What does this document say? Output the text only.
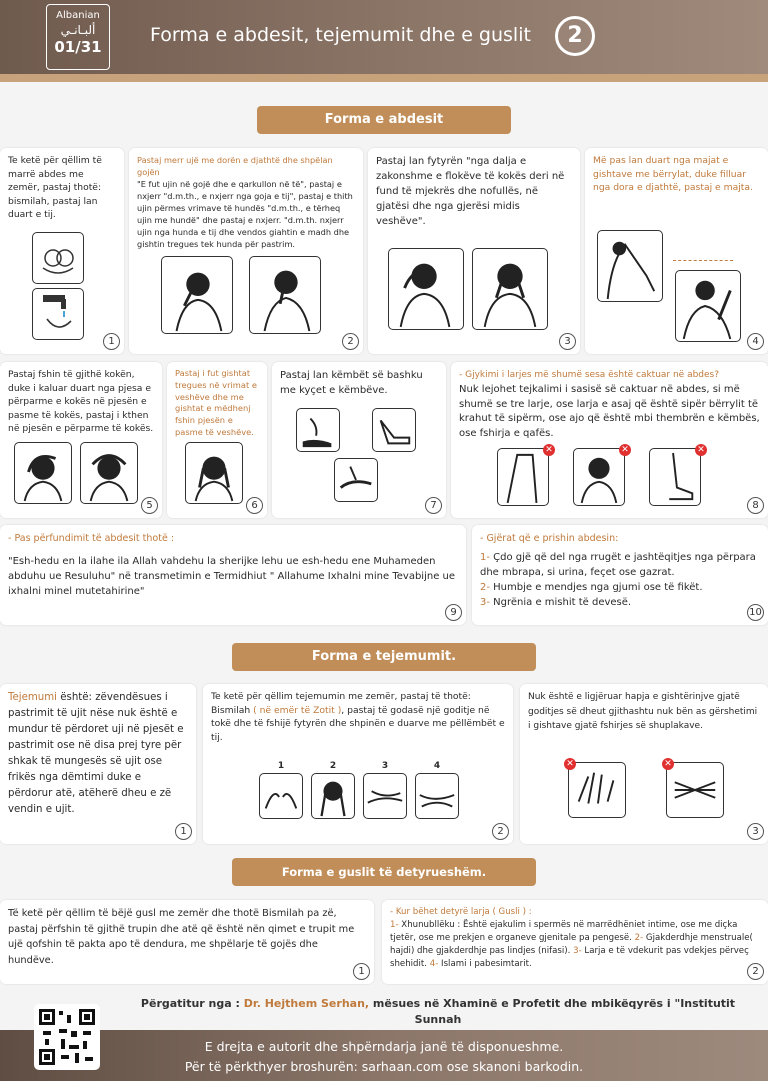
Albanian
ألبـانـي
01/31
Forma e abdesit, tejemumit dhe e guslit	2
Forma e abdesit
Te ketë për qëllim të marrë abdes me zemër, pastaj thotë: bismilah, pastaj lan duart e tij.
1
Pastaj merr ujë me dorën e djathtë dhe shpëlan gojën
"E fut ujin në gojë dhe e qarkullon në të", pastaj e nxjerr "d.m.th., e nxjerr nga goja e tij", pastaj e thith ujin përmes vrimave të hundës "d.m.th., e tërheq ujin me hundë" dhe pastaj e nxjerr. "d.m.th. nxjerr ujin nga hunda e tij dhe vendos giahtin e madh dhe gishtin tregues tek hunda për pastrim.
2
Pastaj lan fytyrën "nga dalja e zakonshme e flokëve të kokës deri në fund të mjekrës dhe nofullës, në gjatësi dhe nga gjerësi midis veshëve".
3
Më pas lan duart nga majat e gishtave me bërrylat, duke filluar nga dora e djathtë, pastaj e majta.
4
Pastaj fshin të gjithë kokën, duke i kaluar duart nga pjesa e përparme e kokës në pjesën e pasme të kokës, pastaj i kthen në pjesën e përparme të kokës.
5
Pastaj i fut gishtat tregues në vrimat e veshëve dhe me gishtat e mëdhenj fshin pjesën e pasme të veshëve.
6
Pastaj lan këmbët së bashku me kyçet e këmbëve.
7
- Gjykimi i larjes më shumë sesa është caktuar në abdes?
Nuk lejohet tejkalimi i sasisë së caktuar në abdes, si më shumë se tre larje, ose larja e asaj që është sipër bërrylit të krahut të sipërm, ose ajo që është mbi thembrën e këmbës, ose fshirja e qafës.
✕	✕	✕
8
- Pas përfundimit të abdesit thotë :
"Esh-hedu en la ilahe ila Allah vahdehu la sherijke lehu ue esh-hedu ene Muhameden abduhu ue Resuluhu" në transmetimin e Termidhiut " Allahume Ixhalni mine Tevabijne ue ixhalni minel mutetahirine"
9
- Gjërat që e prishin abdesin:
1- Çdo gjë që del nga rrugët e jashtëqitjes nga përpara dhe mbrapa, si urina, feçet ose gazrat.
2- Humbje e mendjes nga gjumi ose të fikët.
3- Ngrënia e mishit të devesë.
10
Forma e tejemumit.
Tejemumi është: zëvendësues i pastrimit të ujit nëse nuk është e mundur të përdoret uji në pjesët e pastrimit ose në disa prej tyre për shkak të mungesës së ujit ose frikës nga dëmtimi duke e përdorur atë, atëherë dheu e zë vendin e ujit.
1
Te ketë për qëllim tejemumin me zemër, pastaj të thotë: Bismilah ( në emër të Zotit ), pastaj të godasë një goditje në tokë dhe të fshijë fytyrën dhe shpinën e duarve me pëllëmbët e tij.
1	2	3	4
2
Nuk është e ligjëruar hapja e gishtërinjve gjatë goditjes së dheut gjithashtu nuk bën as gërshetimi i gishtave gjatë fshirjes së shuplakave.
✕	✕
3
Forma e guslit të detyrueshëm.
Të ketë për qëllim të bëjë gusl me zemër dhe thotë Bismilah pa zë, pastaj përfshin të gjithë trupin dhe atë që është nën qimet e trupit me ujë qofshin të pakta apo të dendura, me shpëlarje të gojës dhe hundëve.
1
- Kur bëhet detyrë larja ( Gusli ) :
1- Xhunubllëku : Është ejakulim i spermës në marrëdhëniet intime, ose me diçka tjetër, ose me prekjen e organeve gjenitale pa pengesë. 2- Gjakderdhje menstruale( hajdi) dhe gjakderdhje pas lindjes (nifasi). 3- Larja e të vdekurit pas vdekjes përveç shehidit. 4- Islami i pabesimtarit.
2
Përgatitur nga : Dr. Hejthem Serhan, mësues në Xhaminë e Profetit dhe mbikëqyrës i "Institutit Sunnah

E drejta e autorit dhe shpërndarja janë të disponueshme.
Për të përkthyer broshurën: sarhaan.com ose skanoni barkodin.
